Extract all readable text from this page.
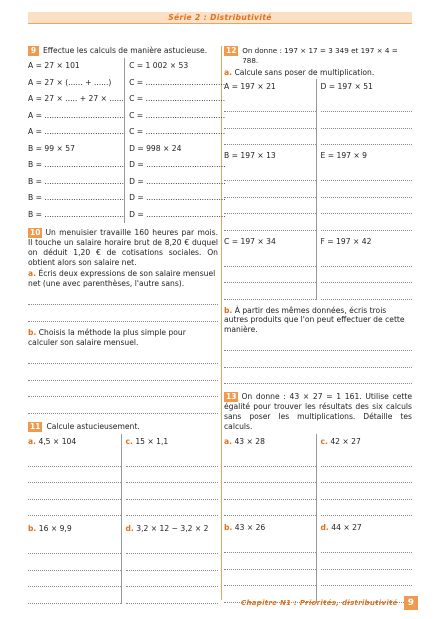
Série 2 : Distributivité
9 Effectue les calculs de manière astucieuse.
A = 27 × 101
A = 27 × (...... + ......)
A = 27 × ..... + 27 × ......
A = .................................
A = .................................
B = 99 × 57
B = .................................
B = .................................
B = .................................
B = .................................
C = 1 002 × 53
C = .................................
C = .................................
C = .................................
C = .................................
D = 998 × 24
D = .................................
D = .................................
D = .................................
D = .................................
10 Un menuisier travaille 160 heures par mois. Il touche un salaire horaire brut de 8,20 € duquel on déduit 1,20 € de cotisations sociales. On obtient alors son salaire net.
a. Écris deux expressions de son salaire mensuel net (une avec parenthèses, l'autre sans).
b. Choisis la méthode la plus simple pour calculer son salaire mensuel.
11 Calcule astucieusement.
a. 4,5 × 104
b. 16 × 9,9
c. 15 × 1,1
d. 3,2 × 12 − 3,2 × 2
12 On donne : 197 × 17 = 3 349 et 197 × 4 = 788.
a. Calcule sans poser de multiplication.
A = 197 × 21
B = 197 × 13
C = 197 × 34
D = 197 × 51
E = 197 × 9
F = 197 × 42
b. À partir des mêmes données, écris trois autres produits que l'on peut effectuer de cette manière.
13 On donne : 43 × 27 = 1 161. Utilise cette égalité pour trouver les résultats des six calculs sans poser les multiplications. Détaille tes calculs.
a. 43 × 28
b. 43 × 26
c. 42 × 27
d. 44 × 27
Chapitre N1 : Priorités, distributivité	9
